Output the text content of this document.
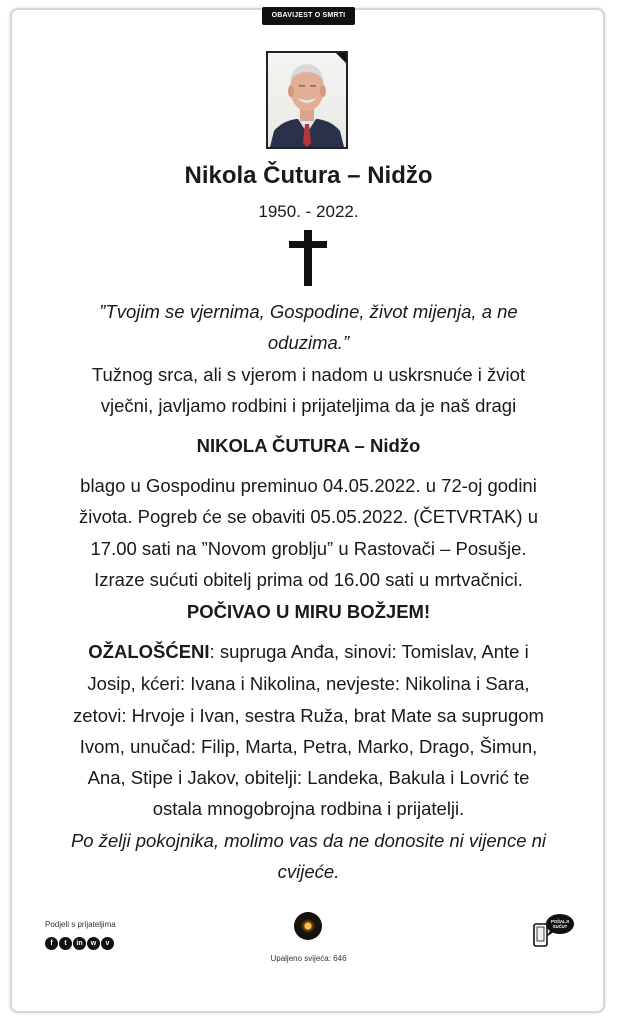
OBAVIJEST O SMRTI
Nikola Čutura – Nidžo
1950. - 2022.
”Tvojim se vjernima, Gospodine, život mijenja, a ne
oduzima.”
Tužnog srca, ali s vjerom i nadom u uskrsnuće i žviot
vječni, javljamo rodbini i prijateljima da je naš dragi
NIKOLA ČUTURA – Nidžo
blago u Gospodinu preminuo 04.05.2022. u 72-oj godini
života. Pogreb će se obaviti 05.05.2022. (ČETVRTAK) u
17.00 sati na ”Novom groblju” u Rastovači – Posušje.
Izraze sućuti obitelj prima od 16.00 sati u mrtvačnici.
POČIVAO U MIRU BOŽJEM!
OŽALOŠĆENI: supruga Anđa, sinovi: Tomislav, Ante i
Josip, kćeri: Ivana i Nikolina, nevjeste: Nikolina i Sara,
zetovi: Hrvoje i Ivan, sestra Ruža, brat Mate sa suprugom
Ivom, unučad: Filip, Marta, Petra, Marko, Drago, Šimun,
Ana, Stipe i Jakov, obitelji: Landeka, Bakula i Lovrić te
ostala mnogobrojna rodbina i prijatelji.
Po želji pokojnika, molimo vas da ne donosite ni vijence ni
cvijeće.
Podjeli s prijateljima
f	t	in	w	v
Upaljeno svijeća: 646
POŠALJI
SUĆUT
